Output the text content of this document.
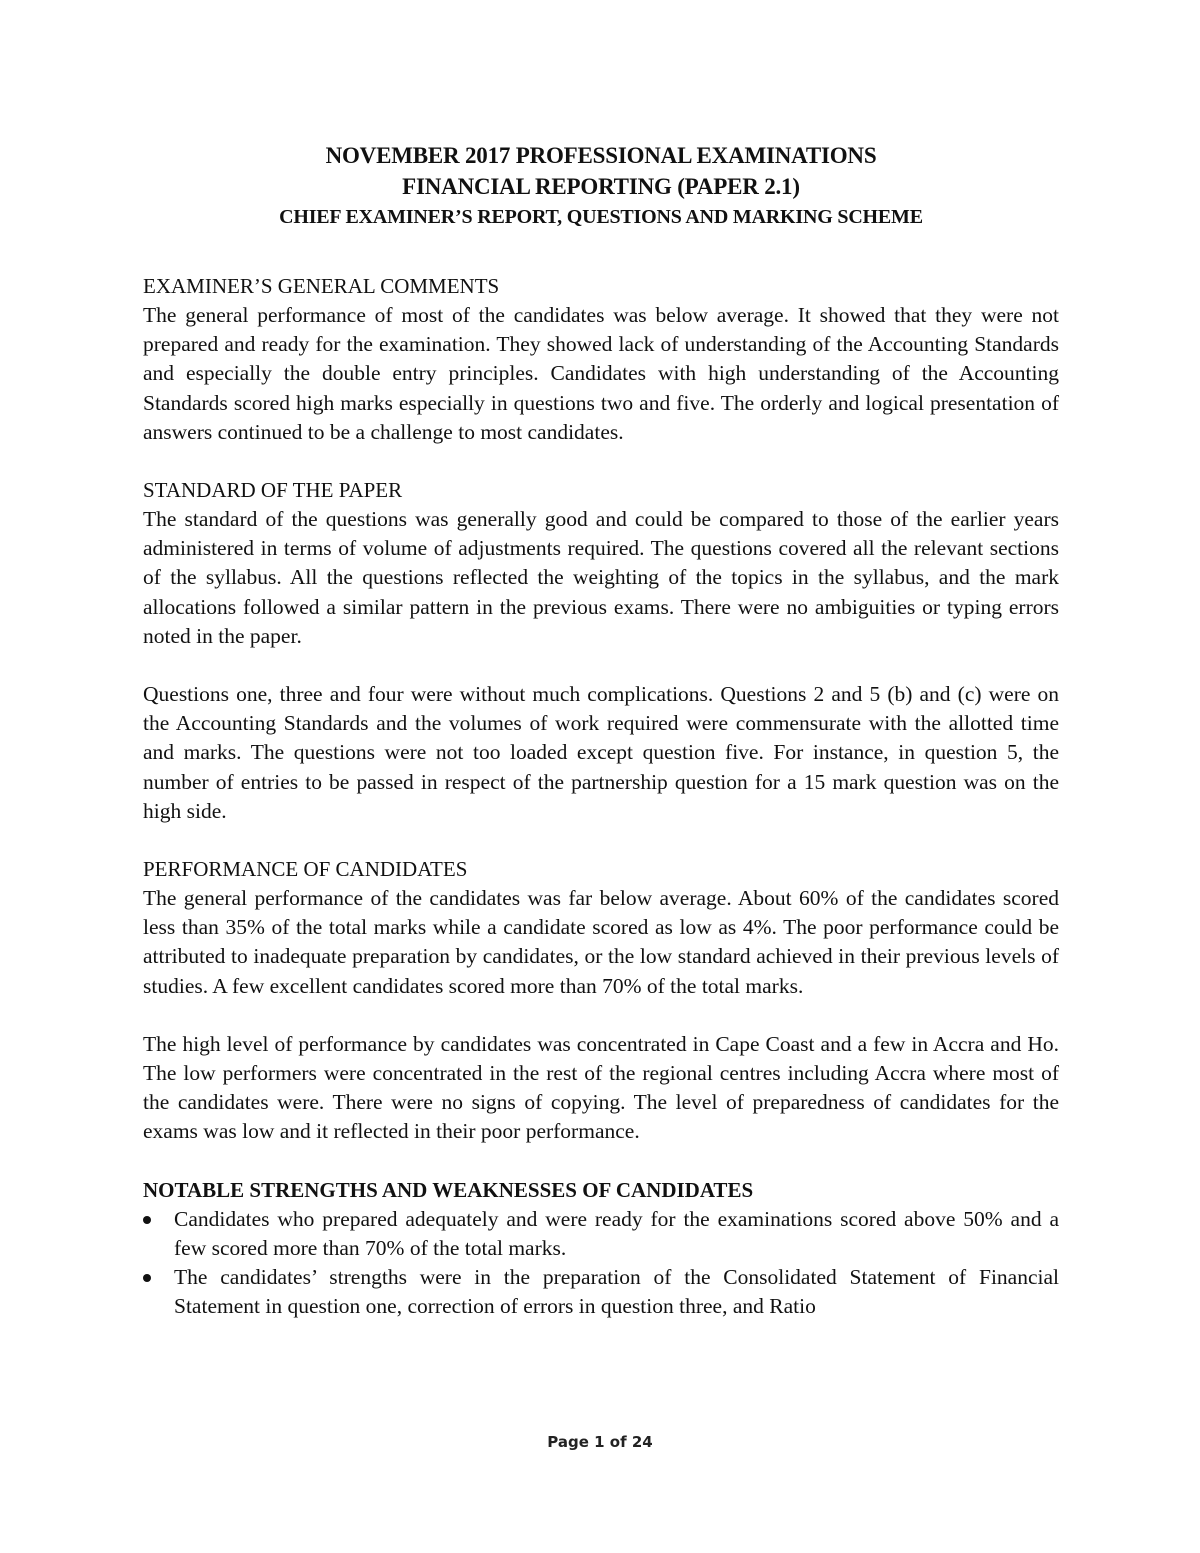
NOVEMBER 2017 PROFESSIONAL EXAMINATIONS
FINANCIAL REPORTING (PAPER 2.1)
CHIEF EXAMINER’S REPORT, QUESTIONS AND MARKING SCHEME
EXAMINER’S GENERAL COMMENTS

The general performance of most of the candidates was below average. It showed that they were not prepared and ready for the examination. They showed lack of understanding of the Accounting Standards and especially the double entry principles. Candidates with high understanding of the Accounting Standards scored high marks especially in questions two and five. The orderly and logical presentation of answers continued to be a challenge to most candidates.

STANDARD OF THE PAPER

The standard of the questions was generally good and could be compared to those of the earlier years administered in terms of volume of adjustments required. The questions covered all the relevant sections of the syllabus. All the questions reflected the weighting of the topics in the syllabus, and the mark allocations followed a similar pattern in the previous exams. There were no ambiguities or typing errors noted in the paper.

Questions one, three and four were without much complications. Questions 2 and 5 (b) and (c) were on the Accounting Standards and the volumes of work required were commensurate with the allotted time and marks. The questions were not too loaded except question five. For instance, in question 5, the number of entries to be passed in respect of the partnership question for a 15 mark question was on the high side.

PERFORMANCE OF CANDIDATES

The general performance of the candidates was far below average. About 60% of the candidates scored less than 35% of the total marks while a candidate scored as low as 4%. The poor performance could be attributed to inadequate preparation by candidates, or the low standard achieved in their previous levels of studies. A few excellent candidates scored more than 70% of the total marks.

The high level of performance by candidates was concentrated in Cape Coast and a few in Accra and Ho. The low performers were concentrated in the rest of the regional centres including Accra where most of the candidates were. There were no signs of copying. The level of preparedness of candidates for the exams was low and it reflected in their poor performance.

NOTABLE STRENGTHS AND WEAKNESSES OF CANDIDATES
Candidates who prepared adequately and were ready for the examinations scored above 50% and a few scored more than 70% of the total marks.
The candidates’ strengths were in the preparation of the Consolidated Statement of Financial Statement in question one, correction of errors in question three, and Ratio
Page 1 of 24
